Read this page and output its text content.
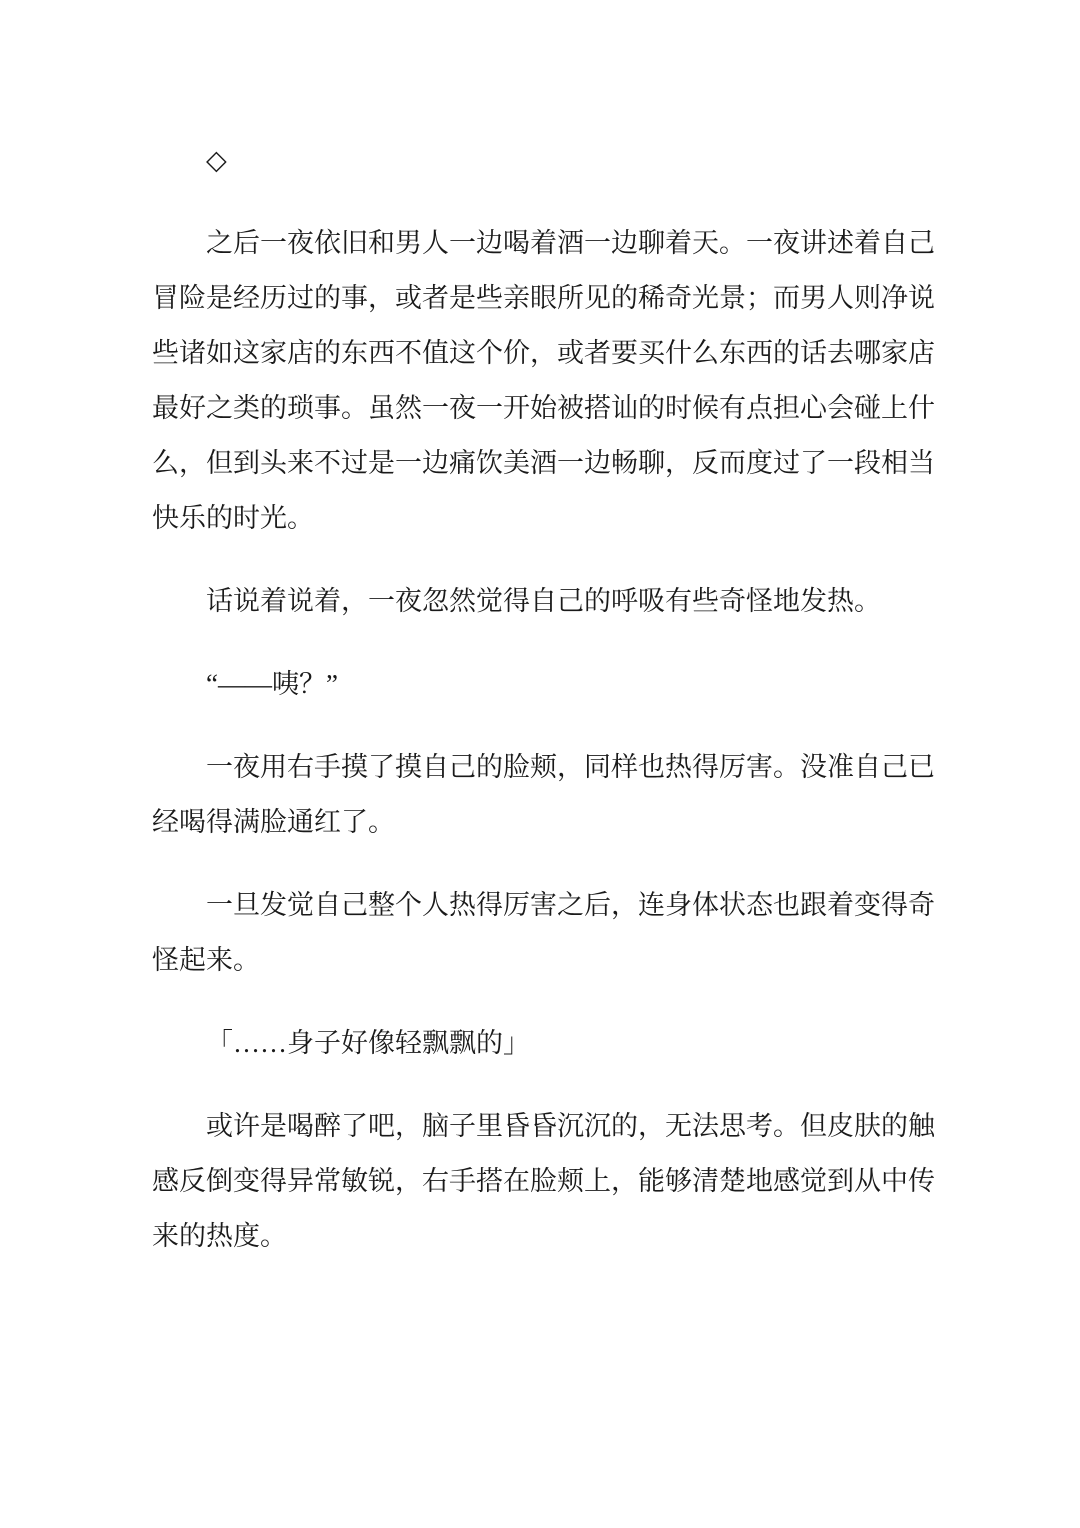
◇

之后一夜依旧和男人一边喝着酒一边聊着天。一夜讲述着自己
冒险是经历过的事，或者是些亲眼所见的稀奇光景；而男人则净说
些诸如这家店的东西不值这个价，或者要买什么东西的话去哪家店
最好之类的琐事。虽然一夜一开始被搭讪的时候有点担心会碰上什
么，但到头来不过是一边痛饮美酒一边畅聊，反而度过了一段相当
快乐的时光。

话说着说着，一夜忽然觉得自己的呼吸有些奇怪地发热。

“——咦？”

一夜用右手摸了摸自己的脸颊，同样也热得厉害。没准自己已
经喝得满脸通红了。

一旦发觉自己整个人热得厉害之后，连身体状态也跟着变得奇
怪起来。

「……身子好像轻飘飘的」

或许是喝醉了吧，脑子里昏昏沉沉的，无法思考。但皮肤的触
感反倒变得异常敏锐，右手搭在脸颊上，能够清楚地感觉到从中传
来的热度。
